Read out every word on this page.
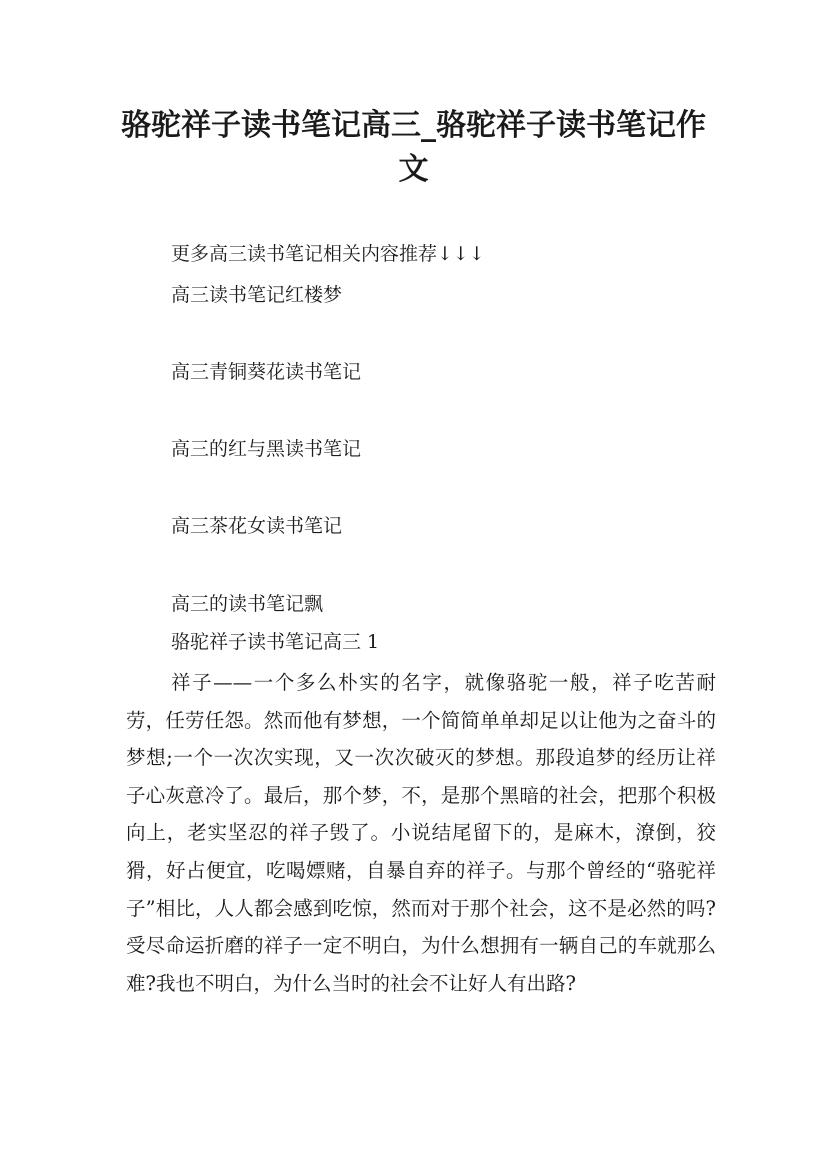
骆驼祥子读书笔记高三_骆驼祥子读书笔记作文

更多高三读书笔记相关内容推荐↓↓↓

高三读书笔记红楼梦

高三青铜葵花读书笔记

高三的红与黑读书笔记

高三茶花女读书笔记

高三的读书笔记飘

骆驼祥子读书笔记高三 1

祥子——一个多么朴实的名字，就像骆驼一般，祥子吃苦耐劳，任劳任怨。然而他有梦想，一个简简单单却足以让他为之奋斗的梦想;一个一次次实现，又一次次破灭的梦想。那段追梦的经历让祥子心灰意冷了。最后，那个梦，不，是那个黑暗的社会，把那个积极向上，老实坚忍的祥子毁了。小说结尾留下的，是麻木，潦倒，狡猾，好占便宜，吃喝嫖赌，自暴自弃的祥子。与那个曾经的“骆驼祥子”相比，人人都会感到吃惊，然而对于那个社会，这不是必然的吗?受尽命运折磨的祥子一定不明白，为什么想拥有一辆自己的车就那么难?我也不明白，为什么当时的社会不让好人有出路?
